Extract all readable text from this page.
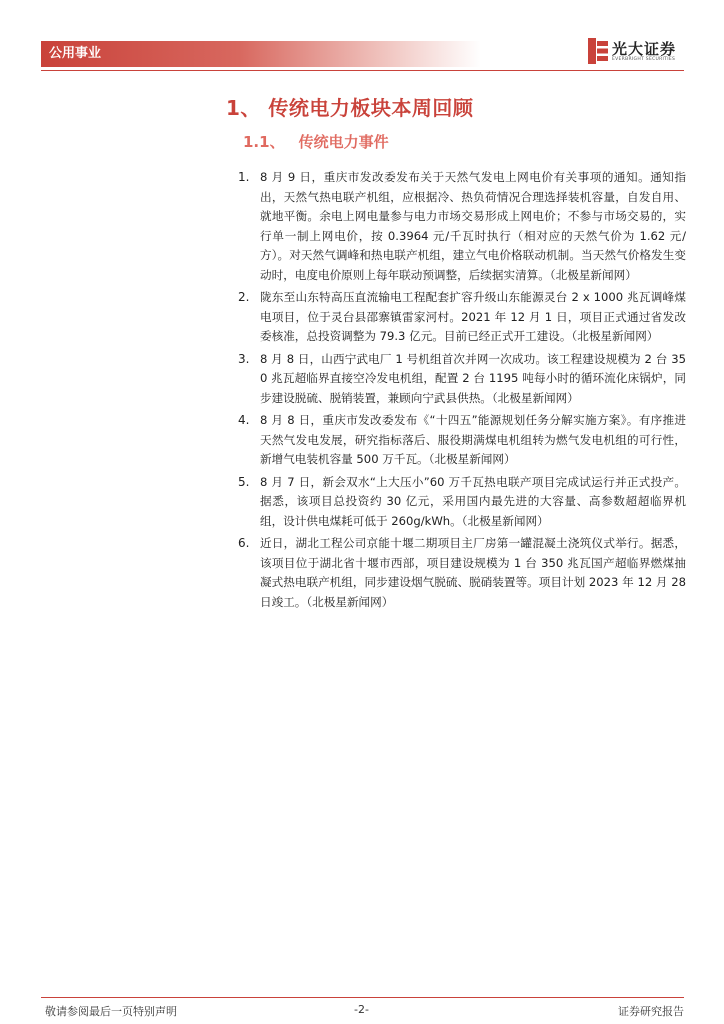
公用事业	光大证券
EVERBRIGHT SECURITIES
1、 传统电力板块本周回顾
1.1、 传统电力事件
1. 8 月 9 日，重庆市发改委发布关于天然气发电上网电价有关事项的通知。通知指出，天然气热电联产机组，应根据冷、热负荷情况合理选择装机容量，自发自用、就地平衡。余电上网电量参与电力市场交易形成上网电价；不参与市场交易的，实行单一制上网电价，按 0.3964 元/千瓦时执行（相对应的天然气价为 1.62 元/方）。对天然气调峰和热电联产机组，建立气电价格联动机制。当天然气价格发生变动时，电度电价原则上每年联动预调整，后续据实清算。（北极星新闻网）
2. 陇东至山东特高压直流输电工程配套扩容升级山东能源灵台 2 x 1000 兆瓦调峰煤电项目，位于灵台县邵寨镇雷家河村。2021 年 12 月 1 日，项目正式通过省发改委核准，总投资调整为 79.3 亿元。目前已经正式开工建设。（北极星新闻网）
3. 8 月 8 日，山西宁武电厂 1 号机组首次并网一次成功。该工程建设规模为 2 台 350 兆瓦超临界直接空冷发电机组，配置 2 台 1195 吨每小时的循环流化床锅炉，同步建设脱硫、脱销装置，兼顾向宁武县供热。（北极星新闻网）
4. 8 月 8 日，重庆市发改委发布《“十四五”能源规划任务分解实施方案》。有序推进天然气发电发展，研究指标落后、服役期满煤电机组转为燃气发电机组的可行性，新增气电装机容量 500 万千瓦。（北极星新闻网）
5. 8 月 7 日，新会双水“上大压小”60 万千瓦热电联产项目完成试运行并正式投产。据悉，该项目总投资约 30 亿元，采用国内最先进的大容量、高参数超超临界机组，设计供电煤耗可低于 260g/kWh。（北极星新闻网）
6. 近日，湖北工程公司京能十堰二期项目主厂房第一罐混凝土浇筑仪式举行。据悉，该项目位于湖北省十堰市西部，项目建设规模为 1 台 350 兆瓦国产超临界燃煤抽凝式热电联产机组，同步建设烟气脱硫、脱硝装置等。项目计划 2023 年 12 月 28 日竣工。（北极星新闻网）
敬请参阅最后一页特别声明	-2-	证券研究报告
